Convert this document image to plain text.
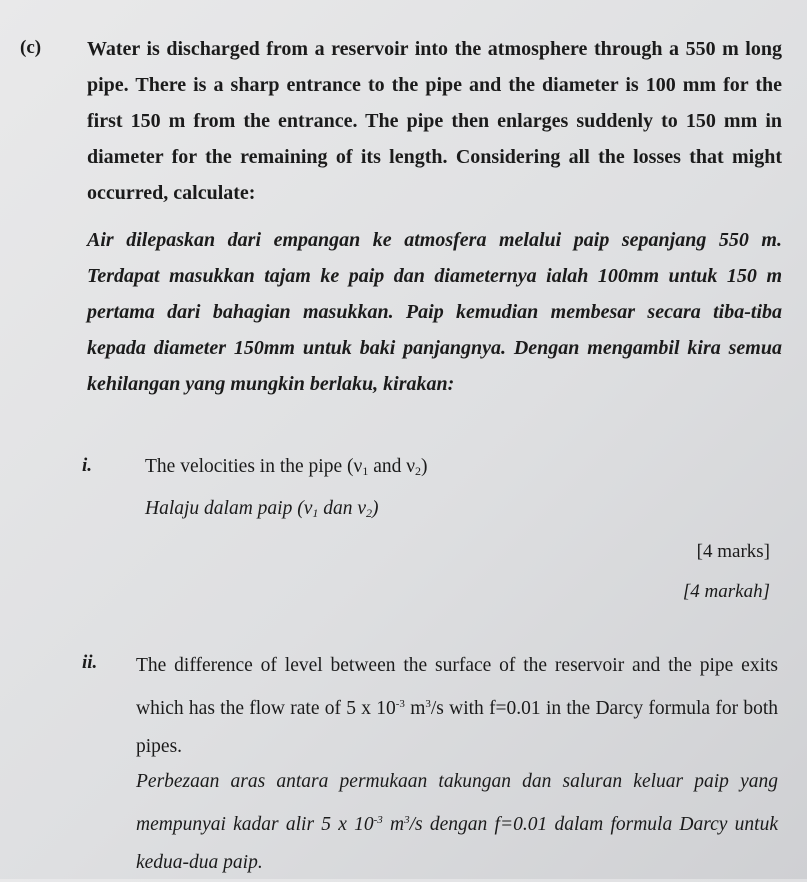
(c) Water is discharged from a reservoir into the atmosphere through a 550 m long pipe. There is a sharp entrance to the pipe and the diameter is 100 mm for the first 150 m from the entrance. The pipe then enlarges suddenly to 150 mm in diameter for the remaining of its length. Considering all the losses that might occurred, calculate:
Air dilepaskan dari empangan ke atmosfera melalui paip sepanjang 550 m. Terdapat masukkan tajam ke paip dan diameternya ialah 100mm untuk 150 m pertama dari bahagian masukkan. Paip kemudian membesar secara tiba-tiba kepada diameter 150mm untuk baki panjangnya. Dengan mengambil kira semua kehilangan yang mungkin berlaku, kirakan:
i.	The velocities in the pipe ($\nu_1$ and $\nu_2$)
Halaju dalam paip ($\nu_1$ dan $\nu_2$)
[4 marks]
[4 markah]
ii. The difference of level between the surface of the reservoir and the pipe exits which has the flow rate of 5 x $10^{-3}$ $m^3/s$ with f=0.01 in the Darcy formula for both pipes.
Perbezaan aras antara permukaan takungan dan saluran keluar paip yang mempunyai kadar alir 5 x $10^{-3}$ $m^3/s$ dengan f=0.01 dalam formula Darcy untuk kedua-dua paip.
